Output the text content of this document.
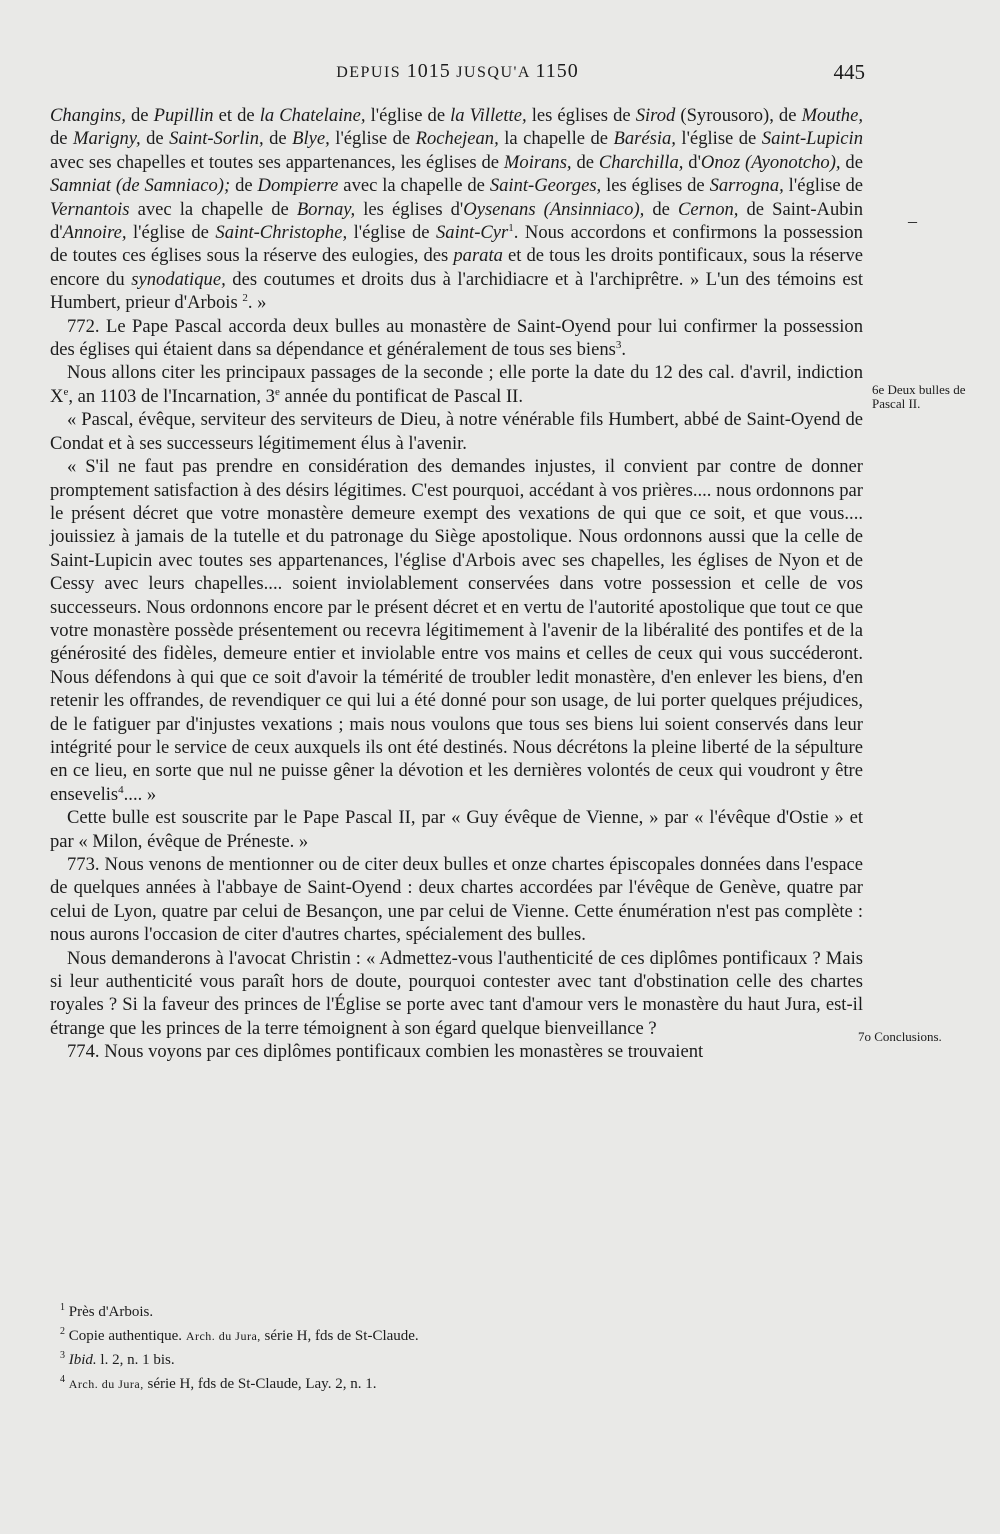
DEPUIS 1015 JUSQU'A 1150	445

Changins, de Pupillin et de la Chatelaine, l'église de la Villette, les églises de Sirod (Syrousoro), de Mouthe, de Marigny, de Saint-Sorlin, de Blye, l'église de Rochejean, la chapelle de Barésia, l'église de Saint-Lupicin avec ses chapelles et toutes ses appartenances, les églises de Moirans, de Charchilla, d'Onoz (Ayonotcho), de Samniat (de Samniaco); de Dompierre avec la chapelle de Saint-Georges, les églises de Sarrogna, l'église de Vernantois avec la chapelle de Bornay, les églises d'Oysenans (Ansinniaco), de Cernon, de Saint-Aubin d'Annoire, l'église de Saint-Christophe, l'église de Saint-Cyr$^1$. Nous accordons et confirmons la possession de toutes ces églises sous la réserve des eulogies, des parata et de tous les droits pontificaux, sous la réserve encore du synodatique, des coutumes et droits dus à l'archidiacre et à l'archiprêtre. » L'un des témoins est Humbert, prieur d'Arbois $^2$. »

772. Le Pape Pascal accorda deux bulles au monastère de Saint-Oyend pour lui confirmer la possession des églises qui étaient dans sa dépendance et généralement de tous ses biens$^3$.

Nous allons citer les principaux passages de la seconde ; elle porte la date du 12 des cal. d'avril, indiction Xe, an 1103 de l'Incarnation, 3e année du pontificat de Pascal II.

« Pascal, évêque, serviteur des serviteurs de Dieu, à notre vénérable fils Humbert, abbé de Saint-Oyend de Condat et à ses successeurs légitimement élus à l'avenir.

« S'il ne faut pas prendre en considération des demandes injustes, il convient par contre de donner promptement satisfaction à des désirs légitimes. C'est pourquoi, accédant à vos prières.... nous ordonnons par le présent décret que votre monastère demeure exempt des vexations de qui que ce soit, et que vous.... jouissiez à jamais de la tutelle et du patronage du Siège apostolique. Nous ordonnons aussi que la celle de Saint-Lupicin avec toutes ses appartenances, l'église d'Arbois avec ses chapelles, les églises de Nyon et de Cessy avec leurs chapelles.... soient inviolablement conservées dans votre possession et celle de vos successeurs. Nous ordonnons encore par le présent décret et en vertu de l'autorité apostolique que tout ce que votre monastère possède présentement ou recevra légitimement à l'avenir de la libéralité des pontifes et de la générosité des fidèles, demeure entier et inviolable entre vos mains et celles de ceux qui vous succéderont. Nous défendons à qui que ce soit d'avoir la témérité de troubler ledit monastère, d'en enlever les biens, d'en retenir les offrandes, de revendiquer ce qui lui a été donné pour son usage, de lui porter quelques préjudices, de le fatiguer par d'injustes vexations ; mais nous voulons que tous ses biens lui soient conservés dans leur intégrité pour le service de ceux auxquels ils ont été destinés. Nous décrétons la pleine liberté de la sépulture en ce lieu, en sorte que nul ne puisse gêner la dévotion et les dernières volontés de ceux qui voudront y être ensevelis$^4$.... »

Cette bulle est souscrite par le Pape Pascal II, par « Guy évêque de Vienne, » par « l'évêque d'Ostie » et par « Milon, évêque de Préneste. »

773. Nous venons de mentionner ou de citer deux bulles et onze chartes épiscopales données dans l'espace de quelques années à l'abbaye de Saint-Oyend : deux chartes accordées par l'évêque de Genève, quatre par celui de Lyon, quatre par celui de Besançon, une par celui de Vienne. Cette énumération n'est pas complète : nous aurons l'occasion de citer d'autres chartes, spécialement des bulles.

Nous demanderons à l'avocat Christin : « Admettez-vous l'authenticité de ces diplômes pontificaux ? Mais si leur authenticité vous paraît hors de doute, pourquoi contester avec tant d'obstination celle des chartes royales ? Si la faveur des princes de l'Église se porte avec tant d'amour vers le monastère du haut Jura, est-il étrange que les princes de la terre témoignent à son égard quelque bienveillance ?

774. Nous voyons par ces diplômes pontificaux combien les monastères se trouvaient

–
6e Deux bulles de Pascal II.
7o Conclusions.

$^1$ Près d'Arbois.

$^2$ Copie authentique. Arch. du Jura, série H, fds de St-Claude.

$^3$ Ibid. l. 2, n. 1 bis.

$^4$ Arch. du Jura, série H, fds de St-Claude, Lay. 2, n. 1.
